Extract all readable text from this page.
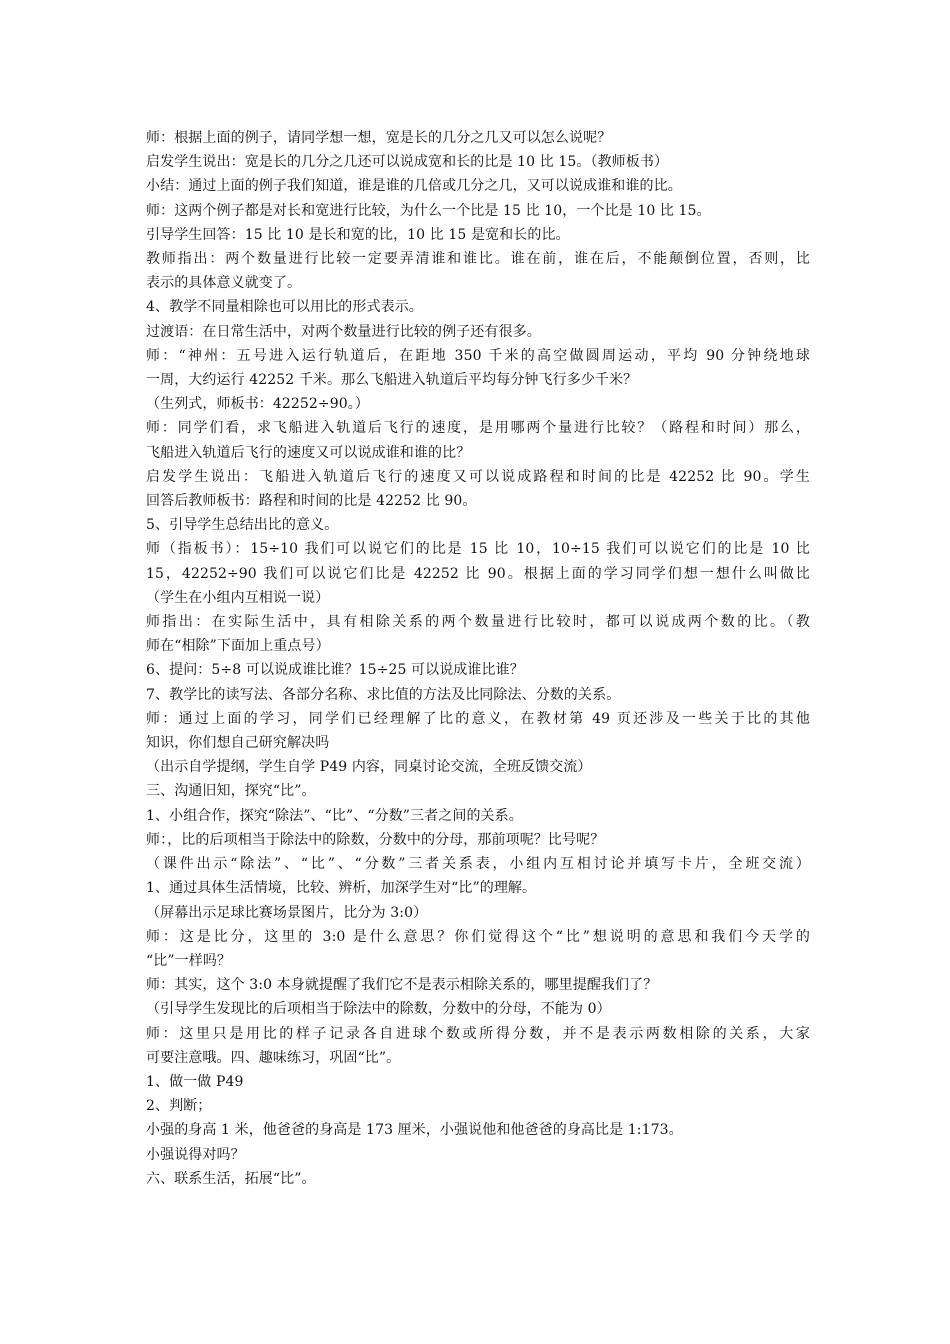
师：根据上面的例子，请同学想一想，宽是长的几分之几又可以怎么说呢？
启发学生说出：宽是长的几分之几还可以说成宽和长的比是 10 比 15。（教师板书）
小结：通过上面的例子我们知道，谁是谁的几倍或几分之几，又可以说成谁和谁的比。
师：这两个例子都是对长和宽进行比较，为什么一个比是 15 比 10，一个比是 10 比 15。
引导学生回答：15 比 10 是长和宽的比，10 比 15 是宽和长的比。
教师指出：两个数量进行比较一定要弄清谁和谁比。谁在前，谁在后，不能颠倒位置，否则，比
表示的具体意义就变了。
4、教学不同量相除也可以用比的形式表示。
过渡语：在日常生活中，对两个数量进行比较的例子还有很多。
师：“神州：五号进入运行轨道后，在距地 350 千米的高空做圆周运动，平均 90 分钟绕地球
一周，大约运行 42252 千米。那么飞船进入轨道后平均每分钟飞行多少千米？
（生列式，师板书：42252÷90。）
师：同学们看，求飞船进入轨道后飞行的速度，是用哪两个量进行比较？（路程和时间）那么，
飞船进入轨道后飞行的速度又可以说成谁和谁的比？
启发学生说出：飞船进入轨道后飞行的速度又可以说成路程和时间的比是 42252 比 90。学生
回答后教师板书：路程和时间的比是 42252 比 90。
5、引导学生总结出比的意义。
师（指板书）：15÷10 我们可以说它们的比是 15 比 10，10÷15 我们可以说它们的比是 10 比
15，42252÷90 我们可以说它们比是 42252 比 90。根据上面的学习同学们想一想什么叫做比
（学生在小组内互相说一说）
师指出：在实际生活中，具有相除关系的两个数量进行比较时，都可以说成两个数的比。（教
师在“相除”下面加上重点号）
6、提问：5÷8 可以说成谁比谁？15÷25 可以说成谁比谁？
7、教学比的读写法、各部分名称、求比值的方法及比同除法、分数的关系。
师：通过上面的学习，同学们已经理解了比的意义，在教材第 49 页还涉及一些关于比的其他
知识，你们想自己研究解决吗
（出示自学提纲，学生自学 P49 内容，同桌讨论交流，全班反馈交流）
三、沟通旧知，探究“比”。
1、小组合作，探究“除法”、“比”、“分数”三者之间的关系。
师：，比的后项相当于除法中的除数，分数中的分母，那前项呢？比号呢？
（课件出示“除法”、“比”、“分数”三者关系表，小组内互相讨论并填写卡片，全班交流）
1、通过具体生活情境，比较、辨析，加深学生对“比”的理解。
（屏幕出示足球比赛场景图片，比分为 3:0）
师：这是比分，这里的 3:0 是什么意思？你们觉得这个“比”想说明的意思和我们今天学的
“比”一样吗？
师：其实，这个 3:0 本身就提醒了我们它不是表示相除关系的，哪里提醒我们了？
（引导学生发现比的后项相当于除法中的除数，分数中的分母，不能为 0）
师：这里只是用比的样子记录各自进球个数或所得分数，并不是表示两数相除的关系，大家
可要注意哦。四、趣味练习，巩固“比”。
1、做一做 P49
2、判断；
小强的身高 1 米，他爸爸的身高是 173 厘米，小强说他和他爸爸的身高比是 1:173。
小强说得对吗？
六、联系生活，拓展“比”。
